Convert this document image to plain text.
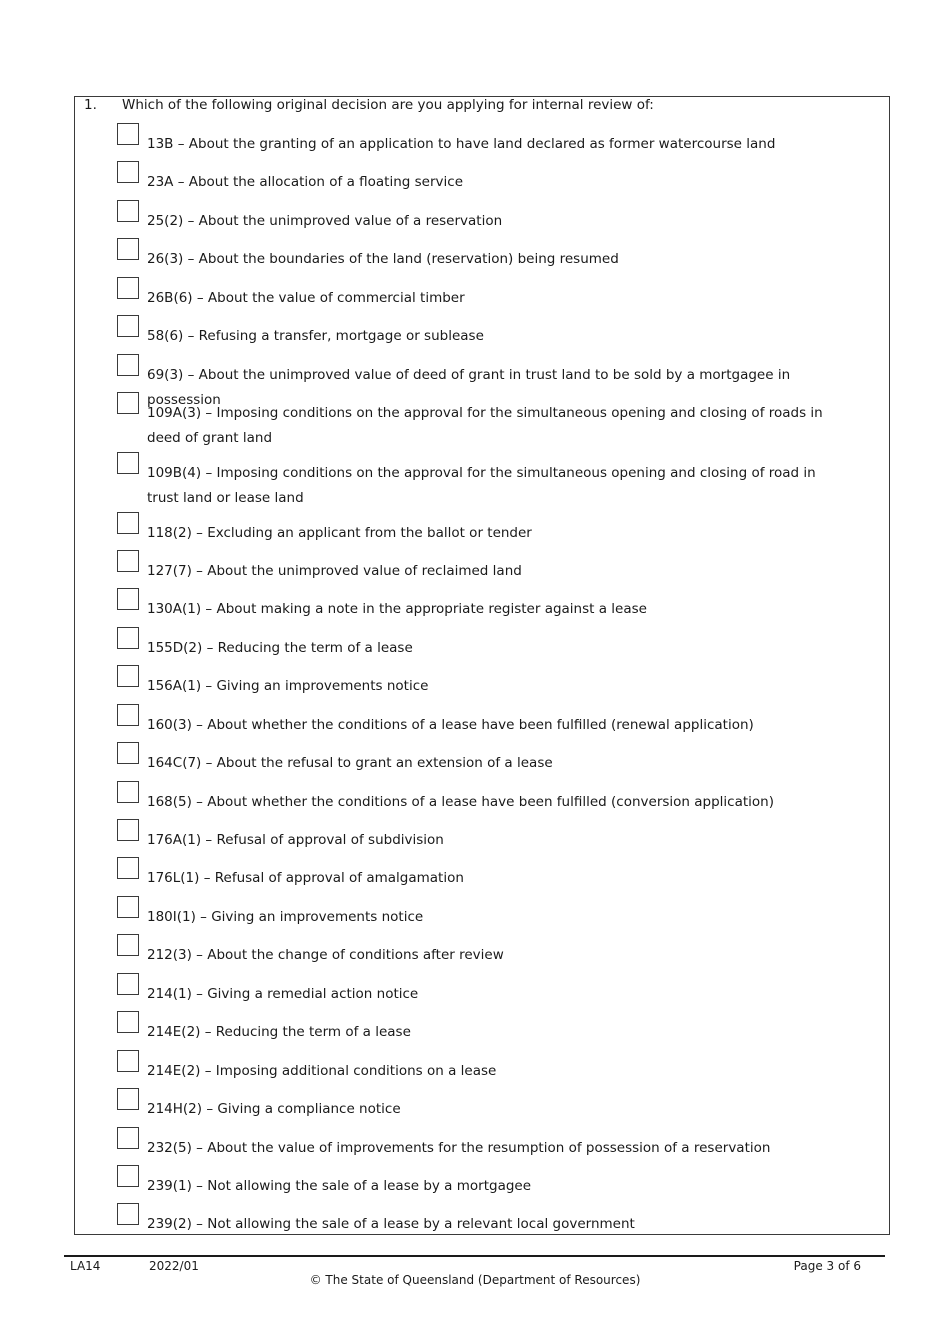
1. Which of the following original decision are you applying for internal review of:
13B – About the granting of an application to have land declared as former watercourse land
23A – About the allocation of a floating service
25(2) – About the unimproved value of a reservation
26(3) – About the boundaries of the land (reservation) being resumed
26B(6) – About the value of commercial timber
58(6) – Refusing a transfer, mortgage or sublease
69(3) – About the unimproved value of deed of grant in trust land to be sold by a mortgagee in possession
109A(3) – Imposing conditions on the approval for the simultaneous opening and closing of roads in deed of grant land
109B(4) – Imposing conditions on the approval for the simultaneous opening and closing of road in trust land or lease land
118(2) – Excluding an applicant from the ballot or tender
127(7) – About the unimproved value of reclaimed land
130A(1) – About making a note in the appropriate register against a lease
155D(2) – Reducing the term of a lease
156A(1) – Giving an improvements notice
160(3) – About whether the conditions of a lease have been fulfilled (renewal application)
164C(7) – About the refusal to grant an extension of a lease
168(5) – About whether the conditions of a lease have been fulfilled (conversion application)
176A(1) – Refusal of approval of subdivision
176L(1) – Refusal of approval of amalgamation
180I(1) – Giving an improvements notice
212(3) – About the change of conditions after review
214(1) – Giving a remedial action notice
214E(2) – Reducing the term of a lease
214E(2) – Imposing additional conditions on a lease
214H(2) – Giving a compliance notice
232(5) – About the value of improvements for the resumption of possession of a reservation
239(1) – Not allowing the sale of a lease by a mortgagee
239(2) – Not allowing the sale of a lease by a relevant local government
LA14	2022/01	Page 3 of 6
© The State of Queensland (Department of Resources)
